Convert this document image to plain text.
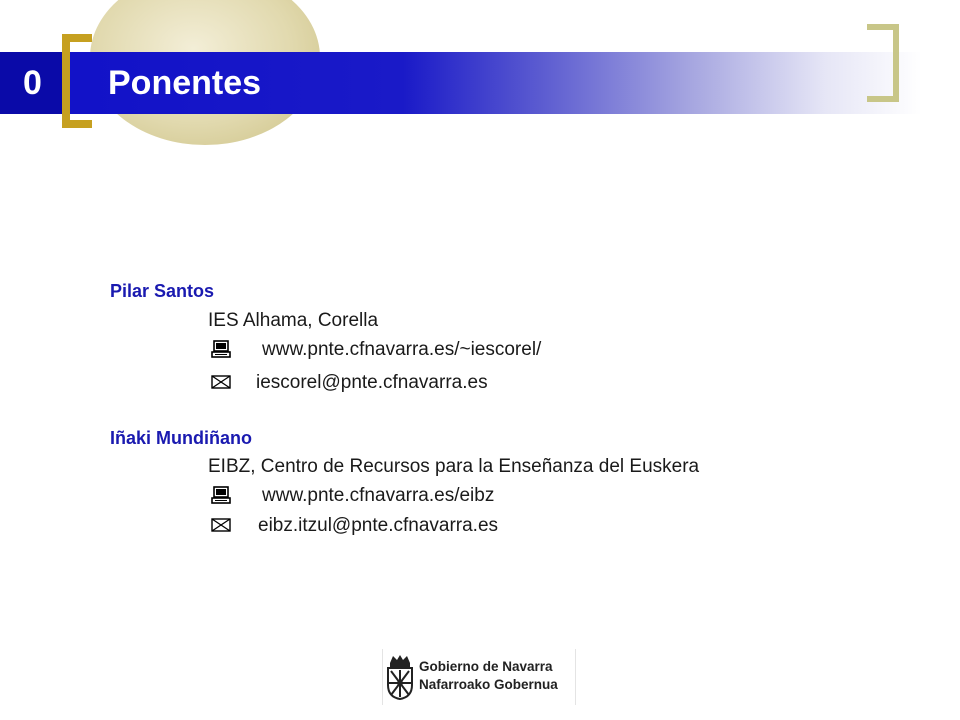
0	Ponentes
Pilar Santos
IES Alhama, Corella
www.pnte.cfnavarra.es/~iescorel/
iescorel@pnte.cfnavarra.es
Iñaki Mundiñano
EIBZ, Centro de Recursos para la Enseñanza del Euskera
www.pnte.cfnavarra.es/eibz
eibz.itzul@pnte.cfnavarra.es
Gobierno de Navarra
Nafarroako Gobernua
